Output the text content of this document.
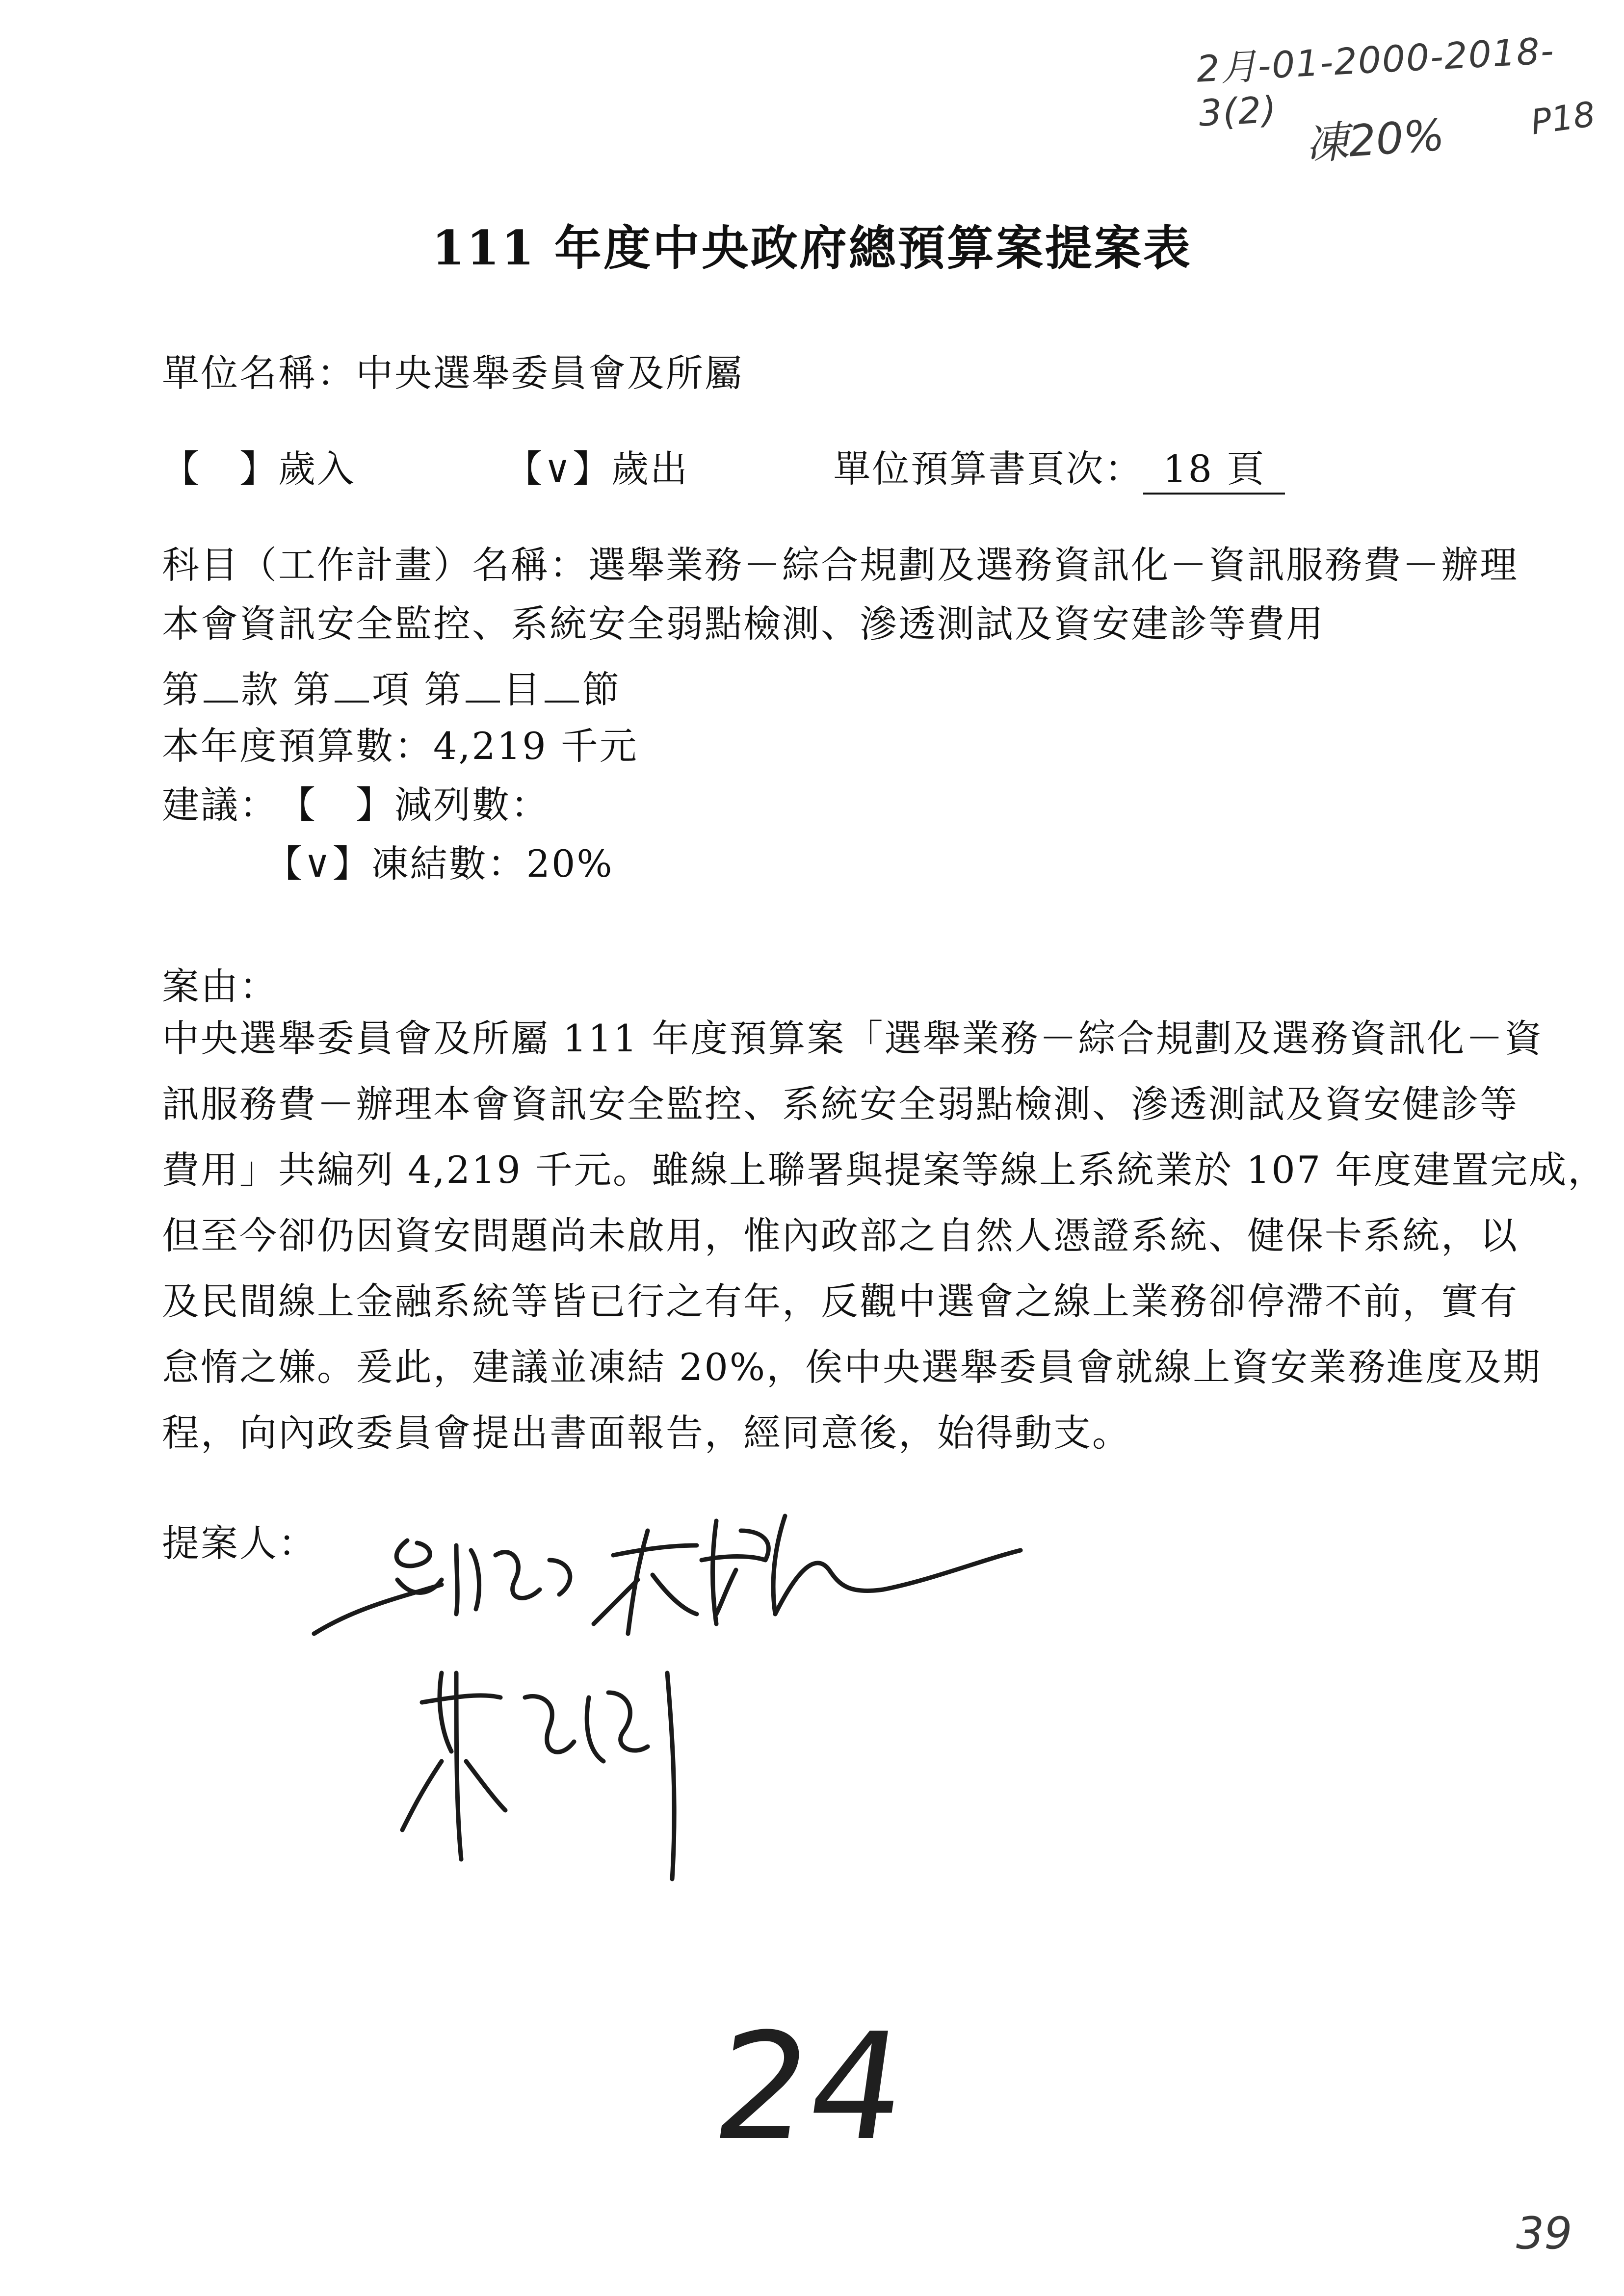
2月-01-2000-2018-3(2) 凍20% P18
111 年度中央政府總預算案提案表
單位名稱：中央選舉委員會及所屬
【　】歲入	【∨】歲出	單位預算書頁次： 18 頁

科目（工作計畫）名稱：選舉業務－綜合規劃及選務資訊化－資訊服務費－辦理

本會資訊安全監控、系統安全弱點檢測、滲透測試及資安建診等費用

第 款 第 項 第 目 節
本年度預算數：4,219 千元
建議：【　】減列數：
【∨】凍結數：20%
案由：

中央選舉委員會及所屬 111 年度預算案「選舉業務－綜合規劃及選務資訊化－資

訊服務費－辦理本會資訊安全監控、系統安全弱點檢測、滲透測試及資安健診等

費用」共編列 4,219 千元。雖線上聯署與提案等線上系統業於 107 年度建置完成，

但至今卻仍因資安問題尚未啟用，惟內政部之自然人憑證系統、健保卡系統，以

及民間線上金融系統等皆已行之有年，反觀中選會之線上業務卻停滯不前，實有

怠惰之嫌。爰此，建議並凍結 20%，俟中央選舉委員會就線上資安業務進度及期

程，向內政委員會提出書面報告，經同意後，始得動支。

提案人：
24
39
